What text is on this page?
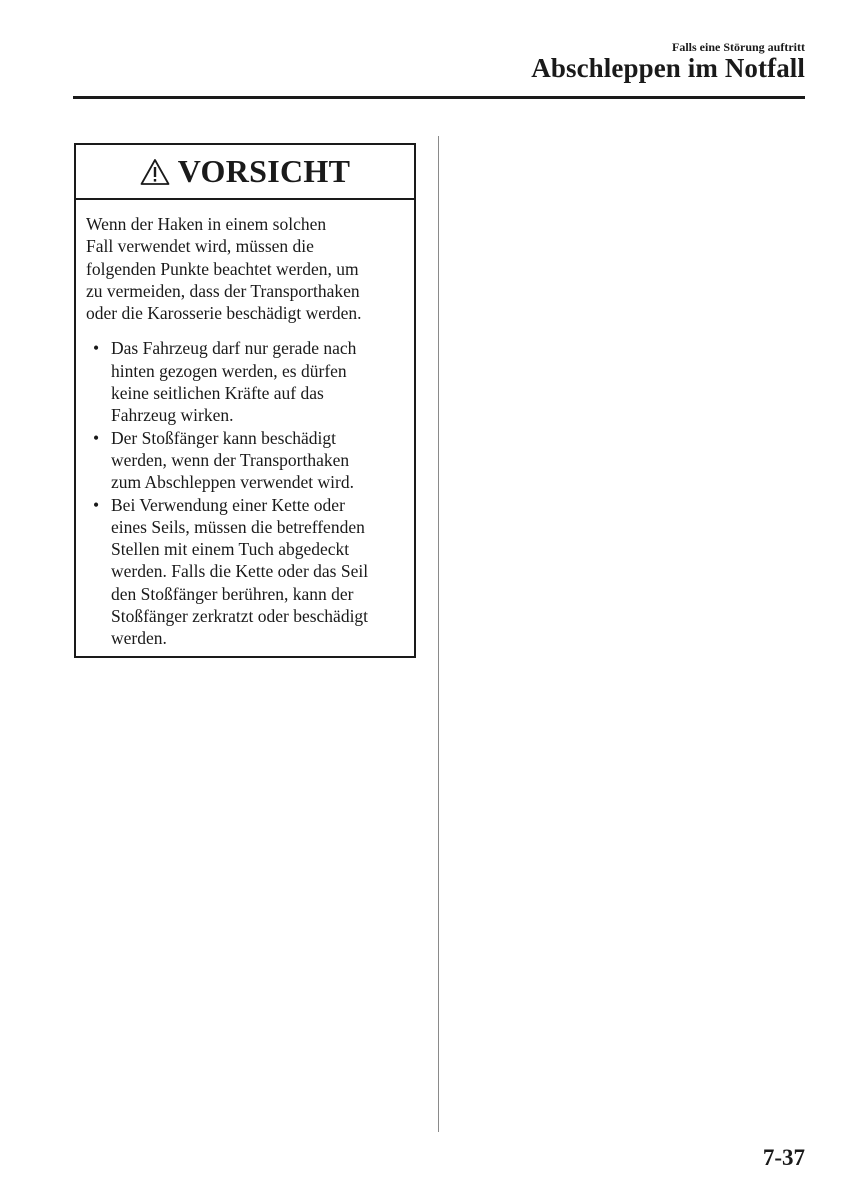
Falls eine Störung auftritt
Abschleppen im Notfall
VORSICHT

Wenn der Haken in einem solchen
Fall verwendet wird, müssen die
folgenden Punkte beachtet werden, um
zu vermeiden, dass der Transporthaken
oder die Karosserie beschädigt werden.

• Das Fahrzeug darf nur gerade nach
hinten gezogen werden, es dürfen
keine seitlichen Kräfte auf das
Fahrzeug wirken.
• Der Stoßfänger kann beschädigt
werden, wenn der Transporthaken
zum Abschleppen verwendet wird.
• Bei Verwendung einer Kette oder
eines Seils, müssen die betreffenden
Stellen mit einem Tuch abgedeckt
werden. Falls die Kette oder das Seil
den Stoßfänger berühren, kann der
Stoßfänger zerkratzt oder beschädigt
werden.
7-37
